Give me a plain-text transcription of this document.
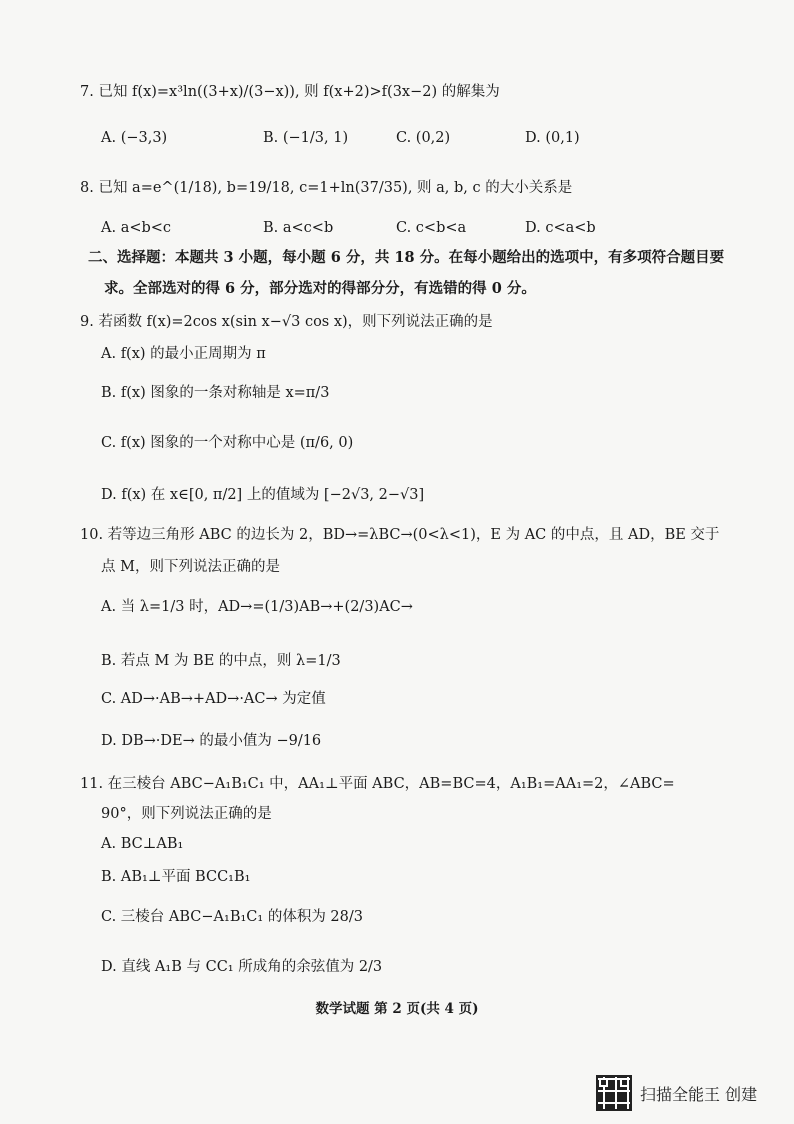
7. 已知 f(x)=x³ln((3+x)/(3−x)), 则 f(x+2)>f(3x−2) 的解集为
A. (−3,3)	B. (−1/3, 1)	C. (0,2)	D. (0,1)
8. 已知 a=e^(1/18), b=19/18, c=1+ln(37/35), 则 a, b, c 的大小关系是
A. a<b<c	B. a<c<b	C. c<b<a	D. c<a<b
二、选择题：本题共 3 小题，每小题 6 分，共 18 分。在每小题给出的选项中，有多项符合题目要
求。全部选对的得 6 分，部分选对的得部分分，有选错的得 0 分。
9. 若函数 f(x)=2cos x(sin x−√3 cos x)，则下列说法正确的是
A. f(x) 的最小正周期为 π
B. f(x) 图象的一条对称轴是 x=π/3
C. f(x) 图象的一个对称中心是 (π/6, 0)
D. f(x) 在 x∈[0, π/2] 上的值域为 [−2√3, 2−√3]
10. 若等边三角形 ABC 的边长为 2，BD→=λBC→(0<λ<1)，E 为 AC 的中点，且 AD，BE 交于
点 M，则下列说法正确的是
A. 当 λ=1/3 时，AD→=(1/3)AB→+(2/3)AC→
B. 若点 M 为 BE 的中点，则 λ=1/3
C. AD→·AB→+AD→·AC→ 为定值
D. DB→·DE→ 的最小值为 −9/16
11. 在三棱台 ABC−A₁B₁C₁ 中，AA₁⊥平面 ABC，AB=BC=4，A₁B₁=AA₁=2，∠ABC=
90°，则下列说法正确的是
A. BC⊥AB₁
B. AB₁⊥平面 BCC₁B₁
C. 三棱台 ABC−A₁B₁C₁ 的体积为 28/3
D. 直线 A₁B 与 CC₁ 所成角的余弦值为 2/3
数学试题 第 2 页(共 4 页)
扫描全能王 创建
